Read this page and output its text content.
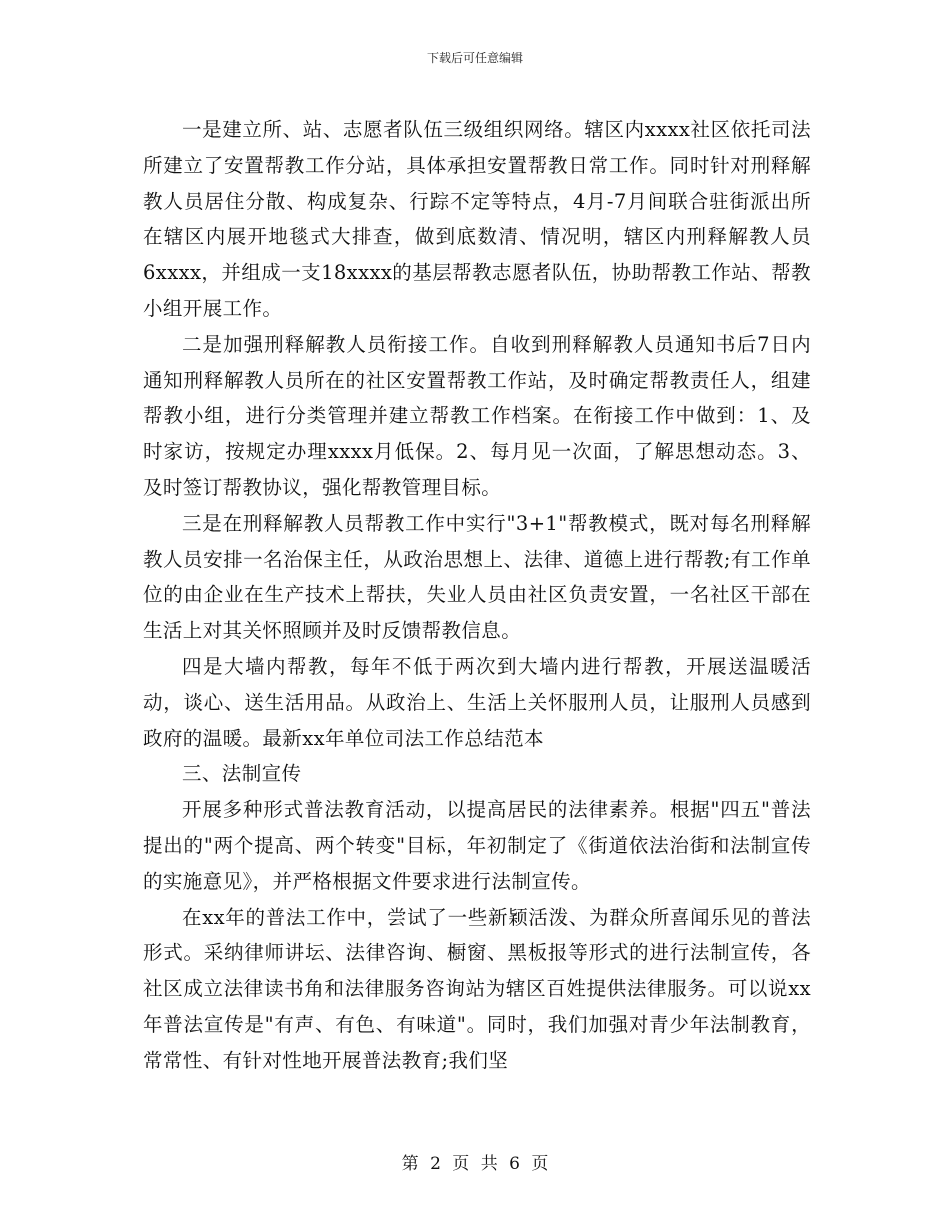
下载后可任意编辑

一是建立所、站、志愿者队伍三级组织网络。辖区内xxxx社区依托司法所建立了安置帮教工作分站，具体承担安置帮教日常工作。同时针对刑释解教人员居住分散、构成复杂、行踪不定等特点，4月-7月间联合驻街派出所在辖区内展开地毯式大排查，做到底数清、情况明，辖区内刑释解教人员6xxxx，并组成一支18xxxx的基层帮教志愿者队伍，协助帮教工作站、帮教小组开展工作。

二是加强刑释解教人员衔接工作。自收到刑释解教人员通知书后7日内通知刑释解教人员所在的社区安置帮教工作站，及时确定帮教责任人，组建帮教小组，进行分类管理并建立帮教工作档案。在衔接工作中做到：1、及时家访，按规定办理xxxx月低保。2、每月见一次面，了解思想动态。3、及时签订帮教协议，强化帮教管理目标。

三是在刑释解教人员帮教工作中实行"3+1"帮教模式，既对每名刑释解教人员安排一名治保主任，从政治思想上、法律、道德上进行帮教;有工作单位的由企业在生产技术上帮扶，失业人员由社区负责安置，一名社区干部在生活上对其关怀照顾并及时反馈帮教信息。

四是大墙内帮教，每年不低于两次到大墙内进行帮教，开展送温暖活动，谈心、送生活用品。从政治上、生活上关怀服刑人员，让服刑人员感到政府的温暖。最新xx年单位司法工作总结范本

三、法制宣传

开展多种形式普法教育活动，以提高居民的法律素养。根据"四五"普法提出的"两个提高、两个转变"目标，年初制定了《街道依法治街和法制宣传的实施意见》，并严格根据文件要求进行法制宣传。

在xx年的普法工作中，尝试了一些新颖活泼、为群众所喜闻乐见的普法形式。采纳律师讲坛、法律咨询、橱窗、黑板报等形式的进行法制宣传，各社区成立法律读书角和法律服务咨询站为辖区百姓提供法律服务。可以说xx年普法宣传是"有声、有色、有味道"。同时，我们加强对青少年法制教育，常常性、有针对性地开展普法教育;我们坚

第 2 页 共 6 页
